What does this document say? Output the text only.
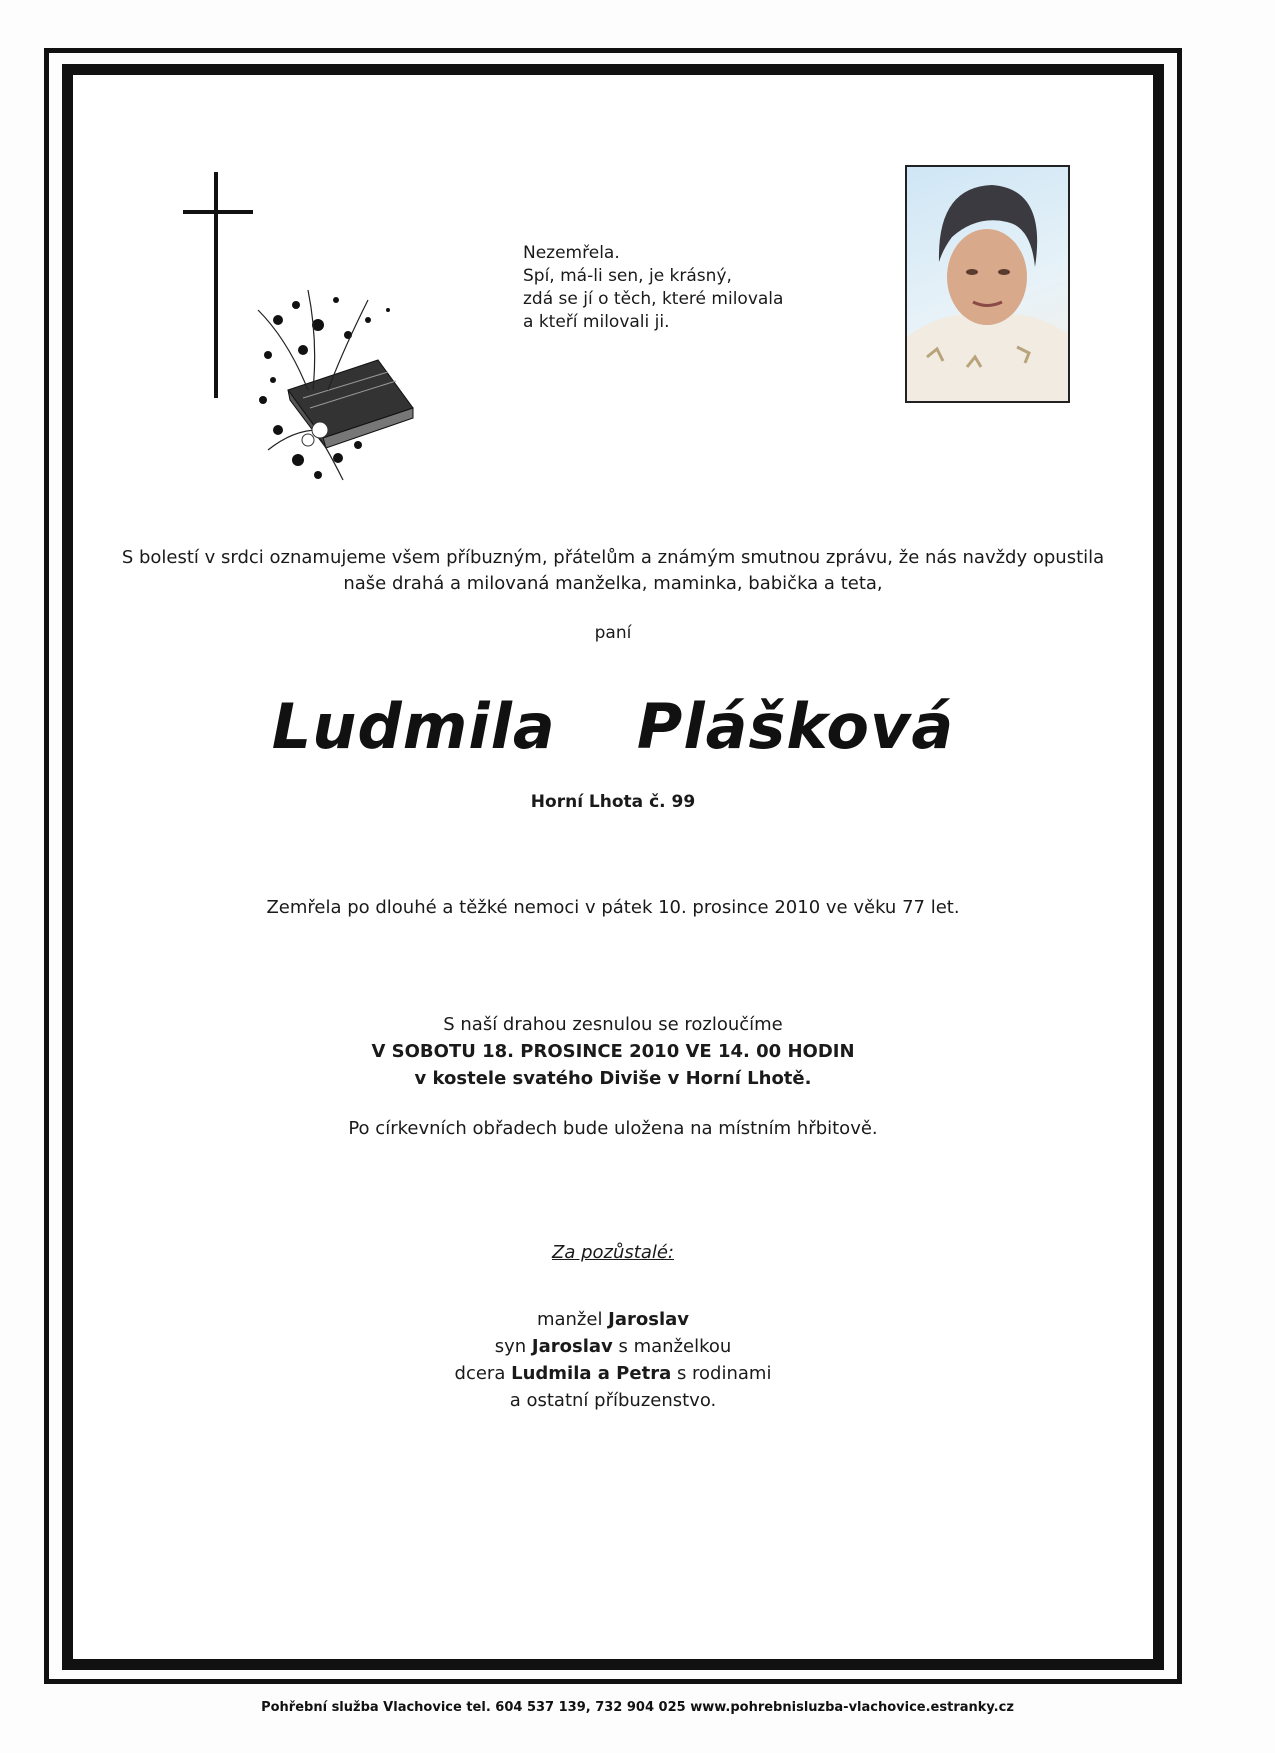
Nezemřela.
Spí, má-li sen, je krásný,
zdá se jí o těch, které milovala
a kteří milovali ji.
S bolestí v srdci oznamujeme všem příbuzným, přátelům a známým smutnou zprávu, že nás navždy opustila
naše drahá a milovaná manželka, maminka, babička a teta,
paní
Ludmila  Plášková
Horní Lhota č. 99
Zemřela po dlouhé a těžké nemoci v pátek 10. prosince 2010 ve věku 77 let.
S naší drahou zesnulou se rozloučíme
V SOBOTU 18. PROSINCE 2010 VE 14. 00 HODIN
v kostele svatého Diviše v Horní Lhotě.
Po církevních obřadech bude uložena na místním hřbitově.
Za pozůstalé:
manžel Jaroslav
syn Jaroslav s manželkou
dcera Ludmila a Petra s rodinami
a ostatní příbuzenstvo.
Pohřební služba Vlachovice tel. 604 537 139, 732 904 025 www.pohrebnisluzba-vlachovice.estranky.cz
